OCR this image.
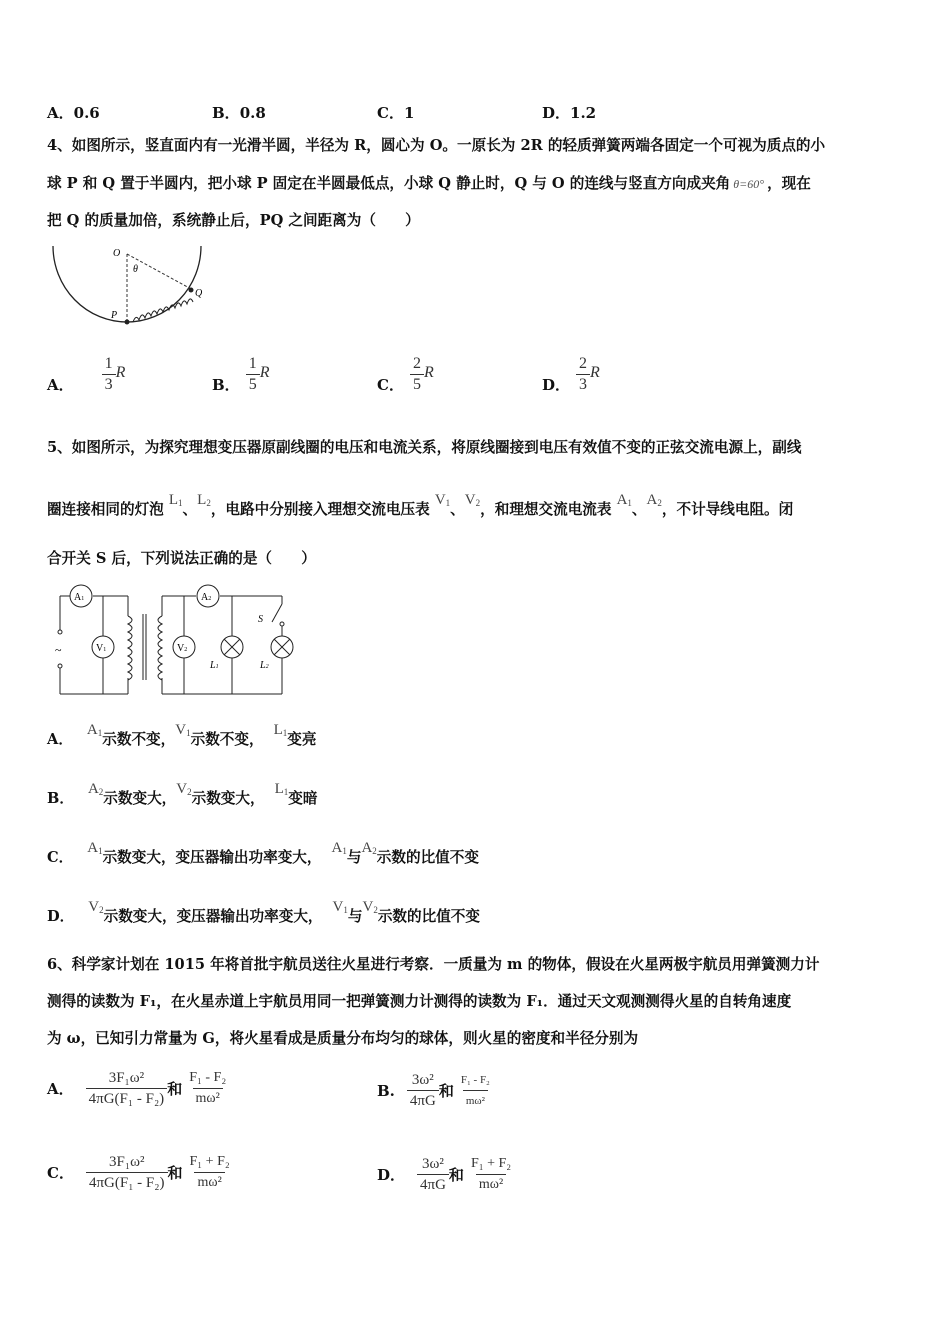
A．0.6	B．0.8	C．1	D．1.2
4、如图所示，竖直面内有一光滑半圆，半径为 R，圆心为 O。一原长为 2R 的轻质弹簧两端各固定一个可视为质点的小
球 P 和 Q 置于半圆内，把小球 P 固定在半圆最低点，小球 Q 静止时，Q 与 O 的连线与竖直方向成夹角 θ=60° ，现在
把 Q 的质量加倍，系统静止后，PQ 之间距离为（　　）
O
θ
P
Q
A． $\frac{1}{3}$ R
B． $\frac{1}{5}$ R
C． $\frac{2}{5}$ R
D． $\frac{2}{3}$ R
5、如图所示，为探究理想变压器原副线圈的电压和电流关系，将原线圈接到电压有效值不变的正弦交流电源上，副线
圈连接相同的灯泡 $L_1$、$L_2$，电路中分别接入理想交流电压表 $V_1$、$V_2$，和理想交流电流表 $A_1$、$A_2$，不计导线电阻。闭
合开关 S 后，下列说法正确的是（　　）
~
A1
V1
A2
V2
L1	L2
S
A．$A_1$示数不变，$V_1$示数不变，$L_1$变亮
B．$A_2$示数变大，$V_2$示数变大，$L_1$变暗
C．$A_1$示数变大，变压器输出功率变大，$A_1$与$A_2$示数的比值不变
D．$V_2$示数变大，变压器输出功率变大，$V_1$与$V_2$示数的比值不变
6、科学家计划在 1015 年将首批宇航员送往火星进行考察．一质量为 m 的物体，假设在火星两极宇航员用弹簧测力计
测得的读数为 F₁，在火星赤道上宇航员用同一把弹簧测力计测得的读数为 F₁．通过天文观测测得火星的自转角速度
为 ω，已知引力常量为 G，将火星看成是质量分布均匀的球体，则火星的密度和半径分别为
A． $\frac{\text{3F₁ω²}}{\text{4πG(F₁ - F₂)}}$ 和 $\frac{\text{F₁ - F₂}}{\text{mω²}}$	B. $\frac{\text{3ω²}}{4\pi G}$ 和 $\frac{\text{F₁ - F₂}}{\text{mω²}}$
C． $\frac{\text{3F₁ω²}}{\text{4πG(F₁ - F₂)}}$ 和 $\frac{\text{F₁ + F₂}}{\text{mω²}}$	D． $\frac{\text{3ω²}}{4\pi G}$ 和 $\frac{\text{F₁ + F₂}}{\text{mω²}}$
